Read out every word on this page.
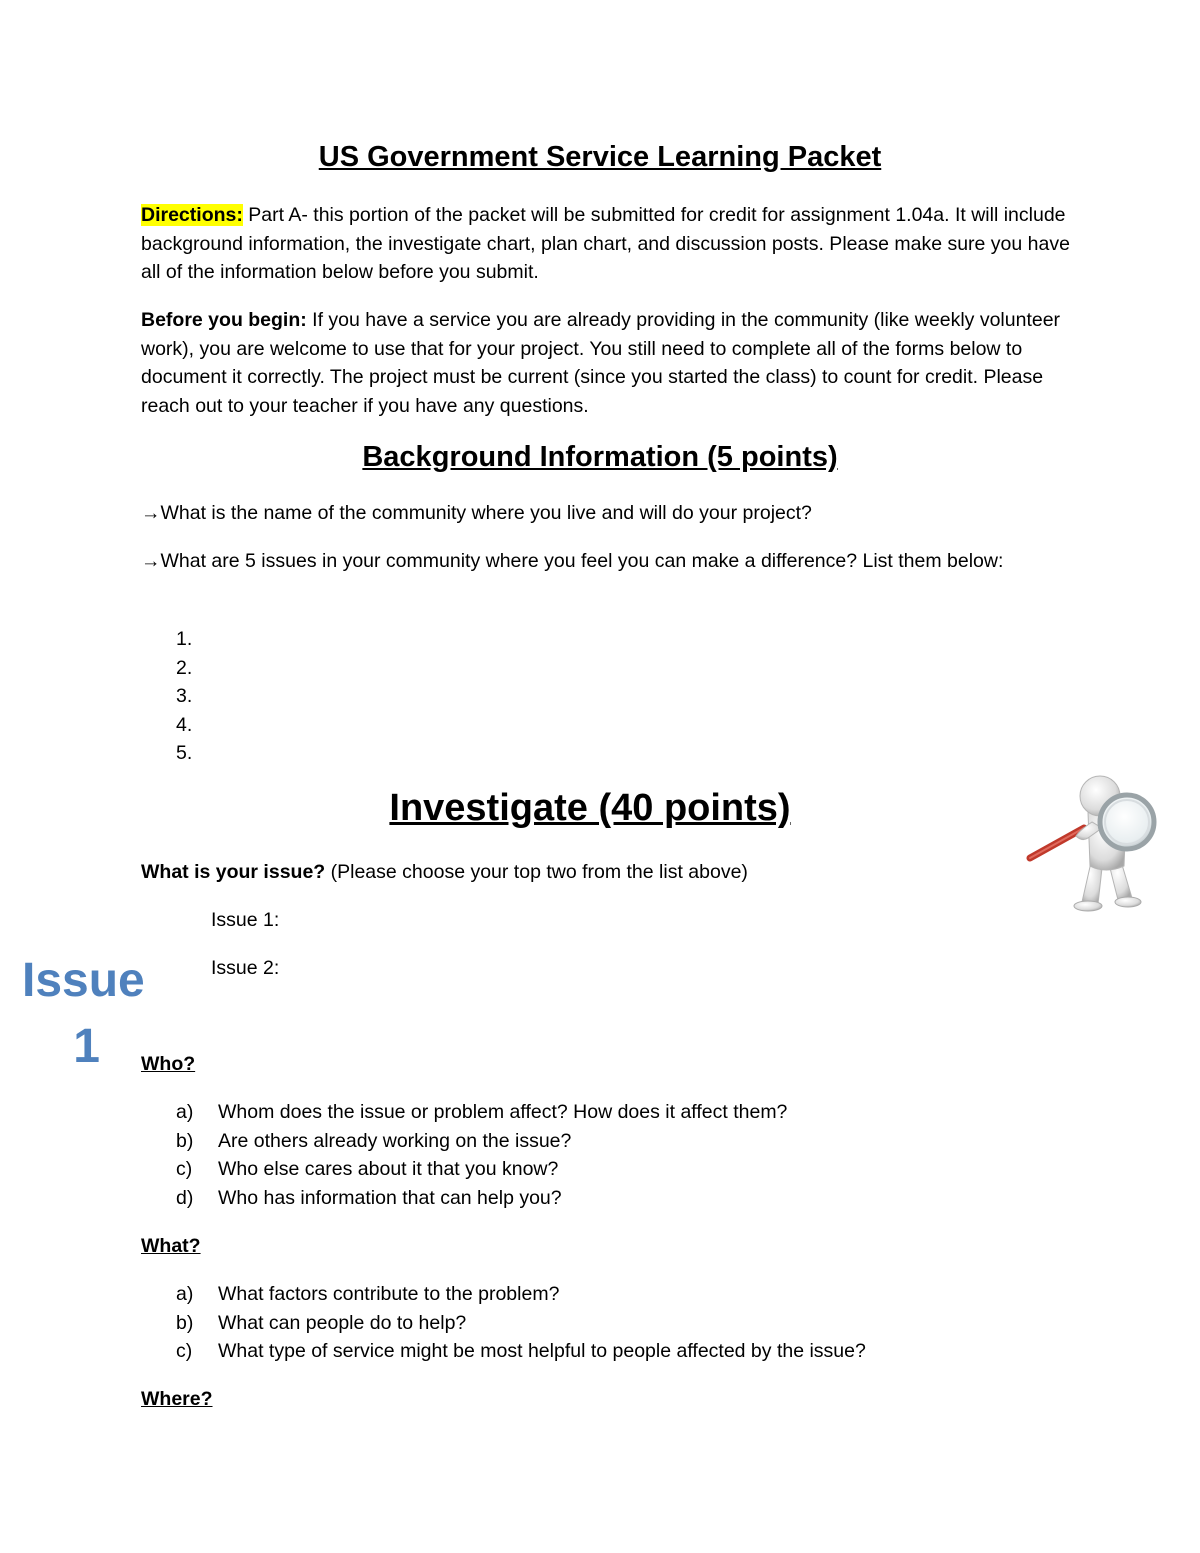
US Government Service Learning Packet

Directions: Part A- this portion of the packet will be submitted for credit for assignment 1.04a. It will include background information, the investigate chart, plan chart, and discussion posts. Please make sure you have all of the information below before you submit.

Before you begin: If you have a service you are already providing in the community (like weekly volunteer work), you are welcome to use that for your project. You still need to complete all of the forms below to document it correctly. The project must be current (since you started the class) to count for credit. Please reach out to your teacher if you have any questions.

Background Information (5 points)

→What is the name of the community where you live and will do your project?

→What are 5 issues in your community where you feel you can make a difference? List them below:

1.
2.
3.
4.
5.
Investigate (40 points)

What is your issue? (Please choose your top two from the list above)

Issue 1:
Issue 2:
Issue
1	Who?
a) Whom does the issue or problem affect? How does it affect them?
b) Are others already working on the issue?
c) Who else cares about it that you know?
d) Who has information that can help you?
What?
a) What factors contribute to the problem?
b) What can people do to help?
c) What type of service might be most helpful to people affected by the issue?
Where?
